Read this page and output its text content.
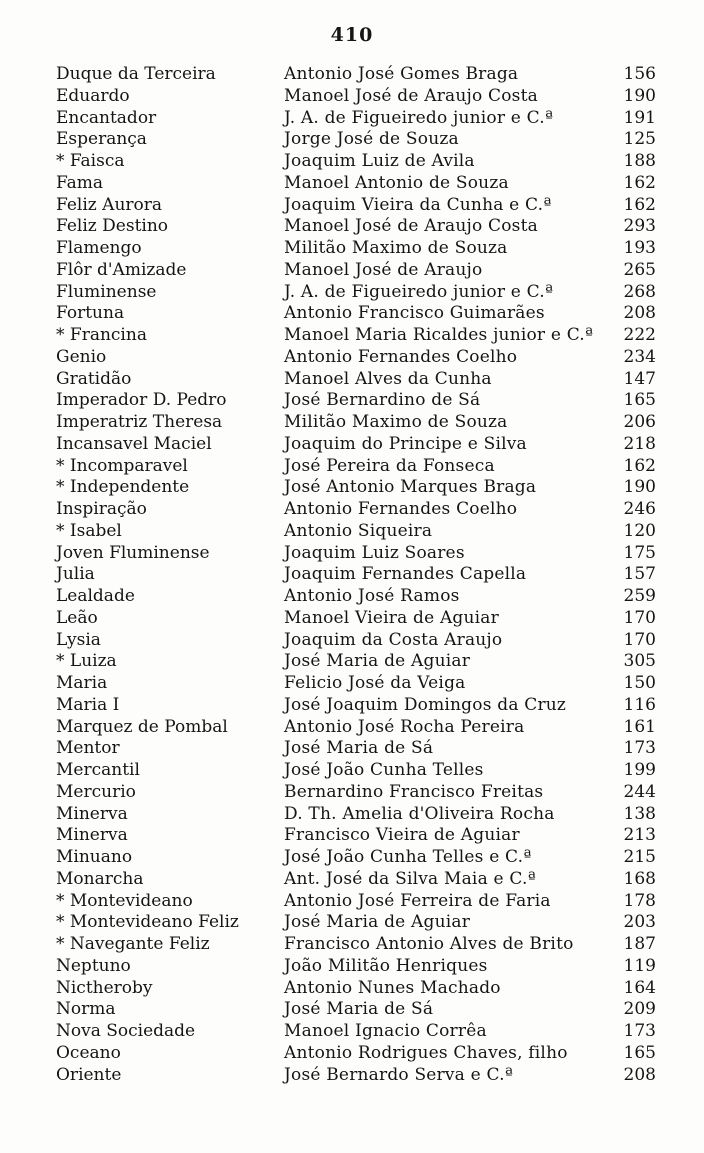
410
Duque da Terceira	Antonio José Gomes Braga	156
Eduardo	Manoel José de Araujo Costa	190
Encantador	J. A. de Figueiredo junior e C.ª	191
Esperança	Jorge José de Souza	125
* Faisca	Joaquim Luiz de Avila	188
Fama	Manoel Antonio de Souza	162
Feliz Aurora	Joaquim Vieira da Cunha e C.ª	162
Feliz Destino	Manoel José de Araujo Costa	293
Flamengo	Militão Maximo de Souza	193
Flôr d'Amizade	Manoel José de Araujo	265
Fluminense	J. A. de Figueiredo junior e C.ª	268
Fortuna	Antonio Francisco Guimarães	208
* Francina	Manoel Maria Ricaldes junior e C.ª 222
Genio	Antonio Fernandes Coelho	234
Gratidão	Manoel Alves da Cunha	147
Imperador D. Pedro	José Bernardino de Sá	165
Imperatriz Theresa	Militão Maximo de Souza	206
Incansavel Maciel	Joaquim do Principe e Silva	218
* Incomparavel	José Pereira da Fonseca	162
* Independente	José Antonio Marques Braga	190
Inspiração	Antonio Fernandes Coelho	246
* Isabel	Antonio Siqueira	120
Joven Fluminense	Joaquim Luiz Soares	175
Julia	Joaquim Fernandes Capella	157
Lealdade	Antonio José Ramos	259
Leão	Manoel Vieira de Aguiar	170
Lysia	Joaquim da Costa Araujo	170
* Luiza	José Maria de Aguiar	305
Maria	Felicio José da Veiga	150
Maria I	José Joaquim Domingos da Cruz	116
Marquez de Pombal	Antonio José Rocha Pereira	161
Mentor	José Maria de Sá	173
Mercantil	José João Cunha Telles	199
Mercurio	Bernardino Francisco Freitas	244
Minerva	D. Th. Amelia d'Oliveira Rocha	138
Minerva	Francisco Vieira de Aguiar	213
Minuano	José João Cunha Telles e C.ª	215
Monarcha	Ant. José da Silva Maia e C.ª	168
* Montevideano	Antonio José Ferreira de Faria	178
* Montevideano Feliz	José Maria de Aguiar	203
* Navegante Feliz	Francisco Antonio Alves de Brito	187
Neptuno	João Militão Henriques	119
Nictheroby	Antonio Nunes Machado	164
Norma	José Maria de Sá	209
Nova Sociedade	Manoel Ignacio Corrêa	173
Oceano	Antonio Rodrigues Chaves, filho	165
Oriente	José Bernardo Serva e C.ª	208
